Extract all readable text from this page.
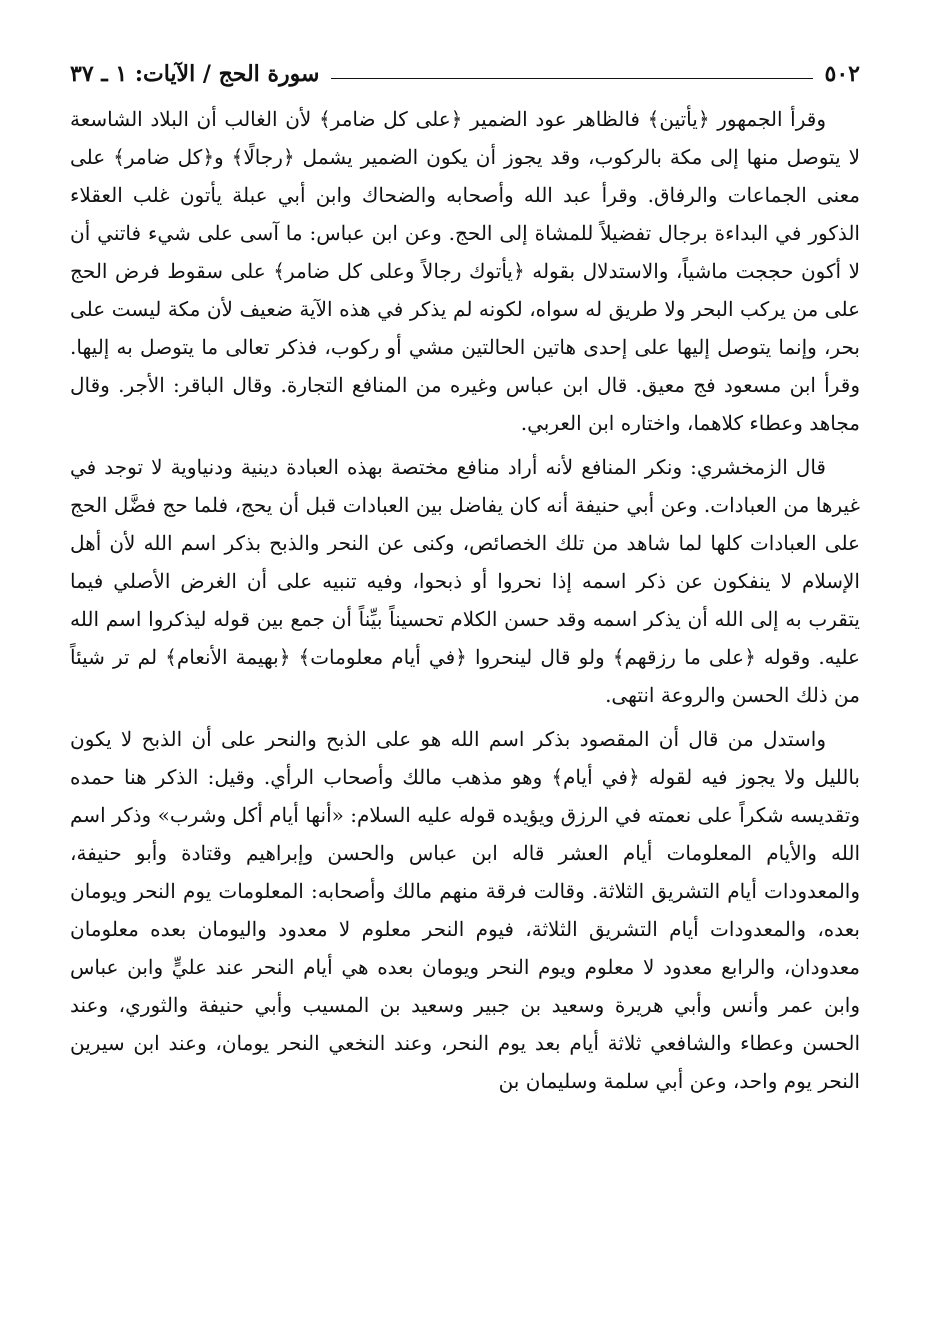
٥٠٢
سورة الحج / الآيات: ١ ـ ٣٧

وقرأ الجمهور ﴿يأتين﴾ فالظاهر عود الضمير ﴿على كل ضامر﴾ لأن الغالب أن البلاد الشاسعة لا يتوصل منها إلى مكة بالركوب، وقد يجوز أن يكون الضمير يشمل ﴿رجالًا﴾ و﴿كل ضامر﴾ على معنى الجماعات والرفاق. وقرأ عبد الله وأصحابه والضحاك وابن أبي عبلة يأتون غلب العقلاء الذكور في البداءة برجال تفضيلاً للمشاة إلى الحج. وعن ابن عباس: ما آسى على شيء فاتني أن لا أكون حججت ماشياً، والاستدلال بقوله ﴿يأتوك رجالاً وعلى كل ضامر﴾ على سقوط فرض الحج على من يركب البحر ولا طريق له سواه، لكونه لم يذكر في هذه الآية ضعيف لأن مكة ليست على بحر، وإنما يتوصل إليها على إحدى هاتين الحالتين مشي أو ركوب، فذكر تعالى ما يتوصل به إليها. وقرأ ابن مسعود فج معيق. قال ابن عباس وغيره من المنافع التجارة. وقال الباقر: الأجر. وقال مجاهد وعطاء كلاهما، واختاره ابن العربي.

قال الزمخشري: ونكر المنافع لأنه أراد منافع مختصة بهذه العبادة دينية ودنياوية لا توجد في غيرها من العبادات. وعن أبي حنيفة أنه كان يفاضل بين العبادات قبل أن يحج، فلما حج فضَّل الحج على العبادات كلها لما شاهد من تلك الخصائص، وكنى عن النحر والذبح بذكر اسم الله لأن أهل الإسلام لا ينفكون عن ذكر اسمه إذا نحروا أو ذبحوا، وفيه تنبيه على أن الغرض الأصلي فيما يتقرب به إلى الله أن يذكر اسمه وقد حسن الكلام تحسيناً بيِّناً أن جمع بين قوله ليذكروا اسم الله عليه. وقوله ﴿على ما رزقهم﴾ ولو قال لينحروا ﴿في أيام معلومات﴾ ﴿بهيمة الأنعام﴾ لم تر شيئاً من ذلك الحسن والروعة انتهى.

واستدل من قال أن المقصود بذكر اسم الله هو على الذبح والنحر على أن الذبح لا يكون بالليل ولا يجوز فيه لقوله ﴿في أيام﴾ وهو مذهب مالك وأصحاب الرأي. وقيل: الذكر هنا حمده وتقديسه شكراً على نعمته في الرزق ويؤيده قوله عليه السلام: «أنها أيام أكل وشرب» وذكر اسم الله والأيام المعلومات أيام العشر قاله ابن عباس والحسن وإبراهيم وقتادة وأبو حنيفة، والمعدودات أيام التشريق الثلاثة. وقالت فرقة منهم مالك وأصحابه: المعلومات يوم النحر ويومان بعده، والمعدودات أيام التشريق الثلاثة، فيوم النحر معلوم لا معدود واليومان بعده معلومان معدودان، والرابع معدود لا معلوم ويوم النحر ويومان بعده هي أيام النحر عند عليٍّ وابن عباس وابن عمر وأنس وأبي هريرة وسعيد بن جبير وسعيد بن المسيب وأبي حنيفة والثوري، وعند الحسن وعطاء والشافعي ثلاثة أيام بعد يوم النحر، وعند النخعي النحر يومان، وعند ابن سيرين النحر يوم واحد، وعن أبي سلمة وسليمان بن
